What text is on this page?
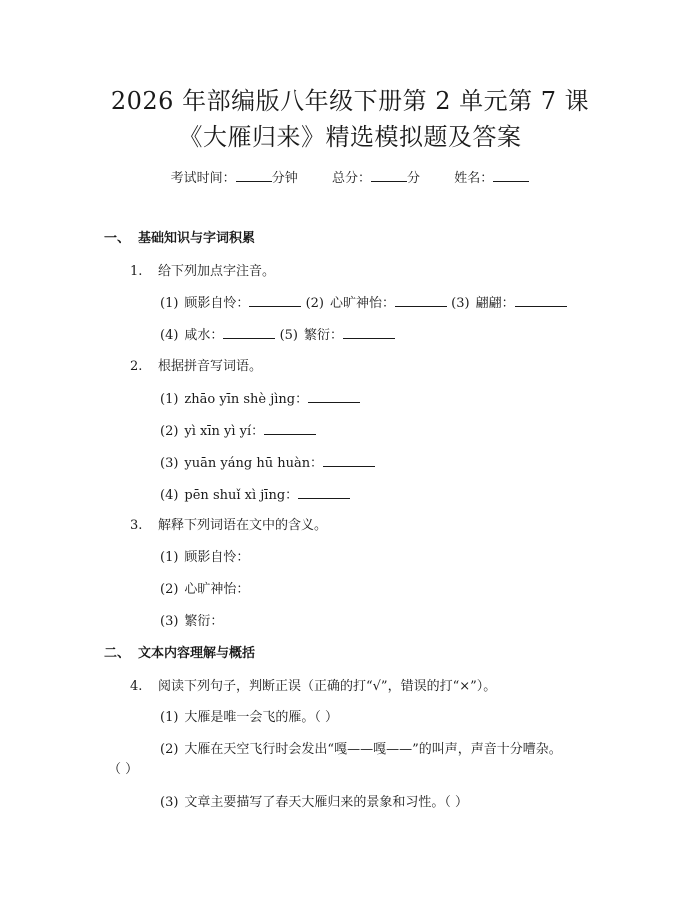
2026 年部编版八年级下册第 2 单元第 7 课
《大雁归来》精选模拟题及答案
考试时间：	分钟	总分：	分	姓名：
一、 基础知识与字词积累
1. 给下列加点字注音。
(1) 顾影自怜：	(2) 心旷神怡：	(3) 翩翩：
(4) 咸水：	(5) 繁衍：
2. 根据拼音写词语。
(1) zhāo yīn shè jìng：
(2) yì xīn yì yí：
(3) yuān yáng hū huàn：
(4) pēn shuǐ xì jīng：
3. 解释下列词语在文中的含义。
(1) 顾影自怜：
(2) 心旷神怡：
(3) 繁衍：
二、 文本内容理解与概括
4. 阅读下列句子，判断正误（正确的打“√”，错误的打“×”）。
(1) 大雁是唯一会飞的雁。（ ）
(2) 大雁在天空飞行时会发出“嘎——嘎——”的叫声，声音十分嘈杂。
（ ）
(3) 文章主要描写了春天大雁归来的景象和习性。（ ）
